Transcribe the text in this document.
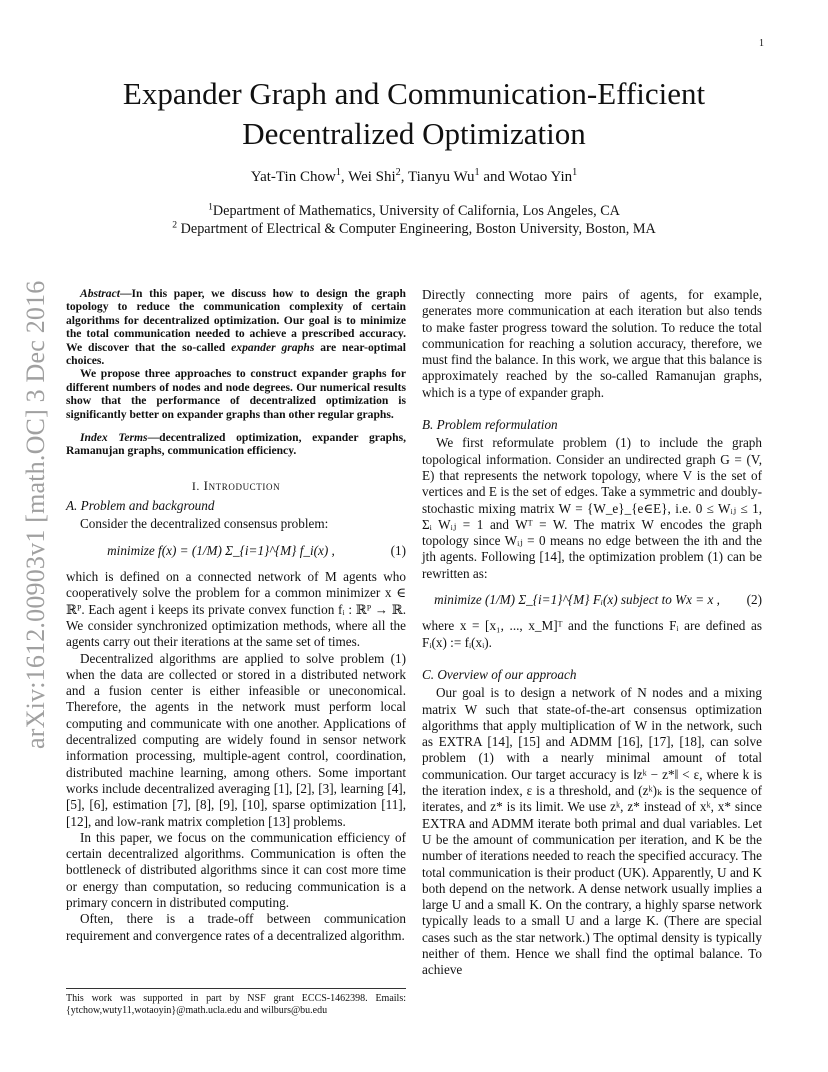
1
arXiv:1612.00903v1 [math.OC] 3 Dec 2016
Expander Graph and Communication-Efficient
Decentralized Optimization
Yat-Tin Chow$^1$, Wei Shi$^2$, Tianyu Wu$^1$ and Wotao Yin$^1$
$^1$Department of Mathematics, University of California, Los Angeles, CA
$^2$ Department of Electrical & Computer Engineering, Boston University, Boston, MA

Abstract—In this paper, we discuss how to design the graph topology to reduce the communication complexity of certain algorithms for decentralized optimization. Our goal is to minimize the total communication needed to achieve a prescribed accuracy. We discover that the so-called expander graphs are near-optimal choices.

We propose three approaches to construct expander graphs for different numbers of nodes and node degrees. Our numerical results show that the performance of decentralized optimization is significantly better on expander graphs than other regular graphs.

Index Terms—decentralized optimization, expander graphs, Ramanujan graphs, communication efficiency.

I. Introduction
A. Problem and background

Consider the decentralized consensus problem:

minimize f(x) = (1/M) Σ_{i=1}^{M} f_i(x) ,	(1)

which is defined on a connected network of M agents who cooperatively solve the problem for a common minimizer x ∈ ℝᴾ. Each agent i keeps its private convex function fᵢ : ℝᴾ → ℝ. We consider synchronized optimization methods, where all the agents carry out their iterations at the same set of times.

Decentralized algorithms are applied to solve problem (1) when the data are collected or stored in a distributed network and a fusion center is either infeasible or uneconomical. Therefore, the agents in the network must perform local computing and communicate with one another. Applications of decentralized computing are widely found in sensor network information processing, multiple-agent control, coordination, distributed machine learning, among others. Some important works include decentralized averaging [1], [2], [3], learning [4], [5], [6], estimation [7], [8], [9], [10], sparse optimization [11], [12], and low-rank matrix completion [13] problems.

In this paper, we focus on the communication efficiency of certain decentralized algorithms. Communication is often the bottleneck of distributed algorithms since it can cost more time or energy than computation, so reducing communication is a primary concern in distributed computing.

Often, there is a trade-off between communication requirement and convergence rates of a decentralized algorithm.

This work was supported in part by NSF grant ECCS-1462398. Emails: {ytchow,wuty11,wotaoyin}@math.ucla.edu and wilburs@bu.edu

Directly connecting more pairs of agents, for example, generates more communication at each iteration but also tends to make faster progress toward the solution. To reduce the total communication for reaching a solution accuracy, therefore, we must find the balance. In this work, we argue that this balance is approximately reached by the so-called Ramanujan graphs, which is a type of expander graph.

B. Problem reformulation

We first reformulate problem (1) to include the graph topological information. Consider an undirected graph G = (V, E) that represents the network topology, where V is the set of vertices and E is the set of edges. Take a symmetric and doubly-stochastic mixing matrix W = {W_e}_{e∈E}, i.e. 0 ≤ Wᵢⱼ ≤ 1, Σᵢ Wᵢⱼ = 1 and Wᵀ = W. The matrix W encodes the graph topology since Wᵢⱼ = 0 means no edge between the ith and the jth agents. Following [14], the optimization problem (1) can be rewritten as:

minimize (1/M) Σ_{i=1}^{M} Fᵢ(x) subject to Wx = x ,	(2)

where x = [x₁, ..., x_M]ᵀ and the functions Fᵢ are defined as Fᵢ(x) := fᵢ(xᵢ).

C. Overview of our approach

Our goal is to design a network of N nodes and a mixing matrix W such that state-of-the-art consensus optimization algorithms that apply multiplication of W in the network, such as EXTRA [14], [15] and ADMM [16], [17], [18], can solve problem (1) with a nearly minimal amount of total communication. Our target accuracy is ‖zᵏ − z*‖ < ε, where k is the iteration index, ε is a threshold, and (zᵏ)ₖ is the sequence of iterates, and z* is its limit. We use zᵏ, z* instead of xᵏ, x* since EXTRA and ADMM iterate both primal and dual variables. Let U be the amount of communication per iteration, and K be the number of iterations needed to reach the specified accuracy. The total communication is their product (UK). Apparently, U and K both depend on the network. A dense network usually implies a large U and a small K. On the contrary, a highly sparse network typically leads to a small U and a large K. (There are special cases such as the star network.) The optimal density is typically neither of them. Hence we shall find the optimal balance. To achieve
